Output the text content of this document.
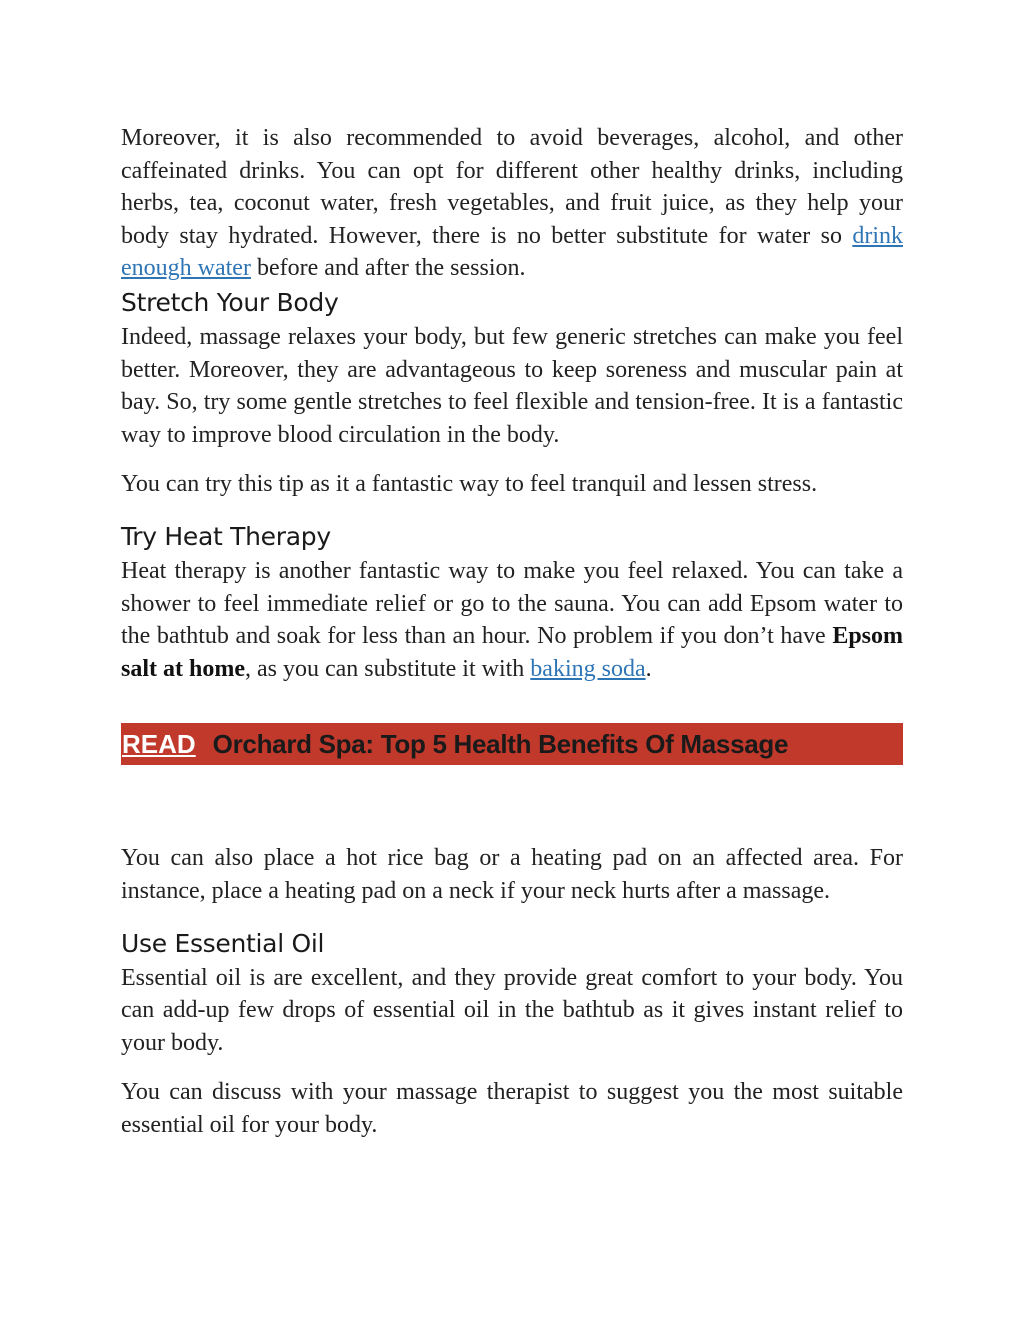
Moreover, it is also recommended to avoid beverages, alcohol, and other caffeinated drinks. You can opt for different other healthy drinks, including herbs, tea, coconut water, fresh vegetables, and fruit juice, as they help your body stay hydrated. However, there is no better substitute for water so drink enough water before and after the session.

Stretch Your Body

Indeed, massage relaxes your body, but few generic stretches can make you feel better. Moreover, they are advantageous to keep soreness and muscular pain at bay. So, try some gentle stretches to feel flexible and tension-free. It is a fantastic way to improve blood circulation in the body.

You can try this tip as it a fantastic way to feel tranquil and lessen stress.

Try Heat Therapy

Heat therapy is another fantastic way to make you feel relaxed. You can take a shower to feel immediate relief or go to the sauna. You can add Epsom water to the bathtub and soak for less than an hour. No problem if you don’t have Epsom salt at home, as you can substitute it with baking soda.

READ Orchard Spa: Top 5 Health Benefits Of Massage

You can also place a hot rice bag or a heating pad on an affected area. For instance, place a heating pad on a neck if your neck hurts after a massage.

Use Essential Oil

Essential oil is are excellent, and they provide great comfort to your body. You can add-up few drops of essential oil in the bathtub as it gives instant relief to your body.

You can discuss with your massage therapist to suggest you the most suitable essential oil for your body.
